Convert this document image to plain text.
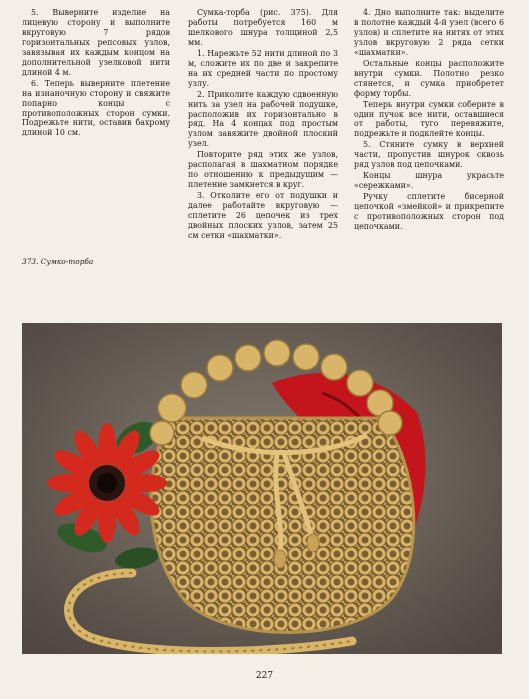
5. Выверните изделие на лицевую сторону и выполните вкруговую 7 рядов горизонтальных репсовых узлов, завязывая их каждым концом на дополнительной узелковой нити длиной 4 м.

6. Теперь выверните плетение на изнаночную сторону и свяжите попарно концы с противоположных сторон сумки. Подрежьте нити, оставив бахрому длиной 10 см.

Сумка-торба (рис. 375). Для работы потребуется 160 м шелкового шнура толщиной 2,5 мм.

1. Нарежьте 52 нити длиной по 3 м, сложите их по две и закрепите на их средней части по простому узлу.

2. Приколите каждую сдвоенную нить за узел на рабочей подушке, расположив их горизонтально в ряд. На 4 концах под простым узлом завяжите двойной плоский узел.

Повторите ряд этих же узлов, располагая в шахматном порядке по отношению к предыдущим — плетение замкнется в круг.

3. Отколите его от подушки и далее работайте вкруговую — сплетите 26 цепочек из трех двойных плоских узлов, затем 25 см сетки «шахматки».

4. Дно выполните так: выделите в полотне каждый 4-й узел (всего 6 узлов) и сплетите на нитях от этих узлов вкруговую 2 ряда сетки «шахматки».

Остальные концы расположите внутри сумки. Полотно резко стянется, и сумка приобретет форму торбы.

Теперь внутри сумки соберите в один пучок все нити, оставшиеся от работы, туго перевяжите, подрежьте и подклейте концы.

5. Стяните сумку в верхней части, пропустив шнурок сквозь ряд узлов под цепочками.

Концы шнура украсьте «сережками».

Ручку сплетите бисерной цепочкой «змейкой» и прикрепите с противоположных сторон под цепочками.

373. Сумко-торба
227
